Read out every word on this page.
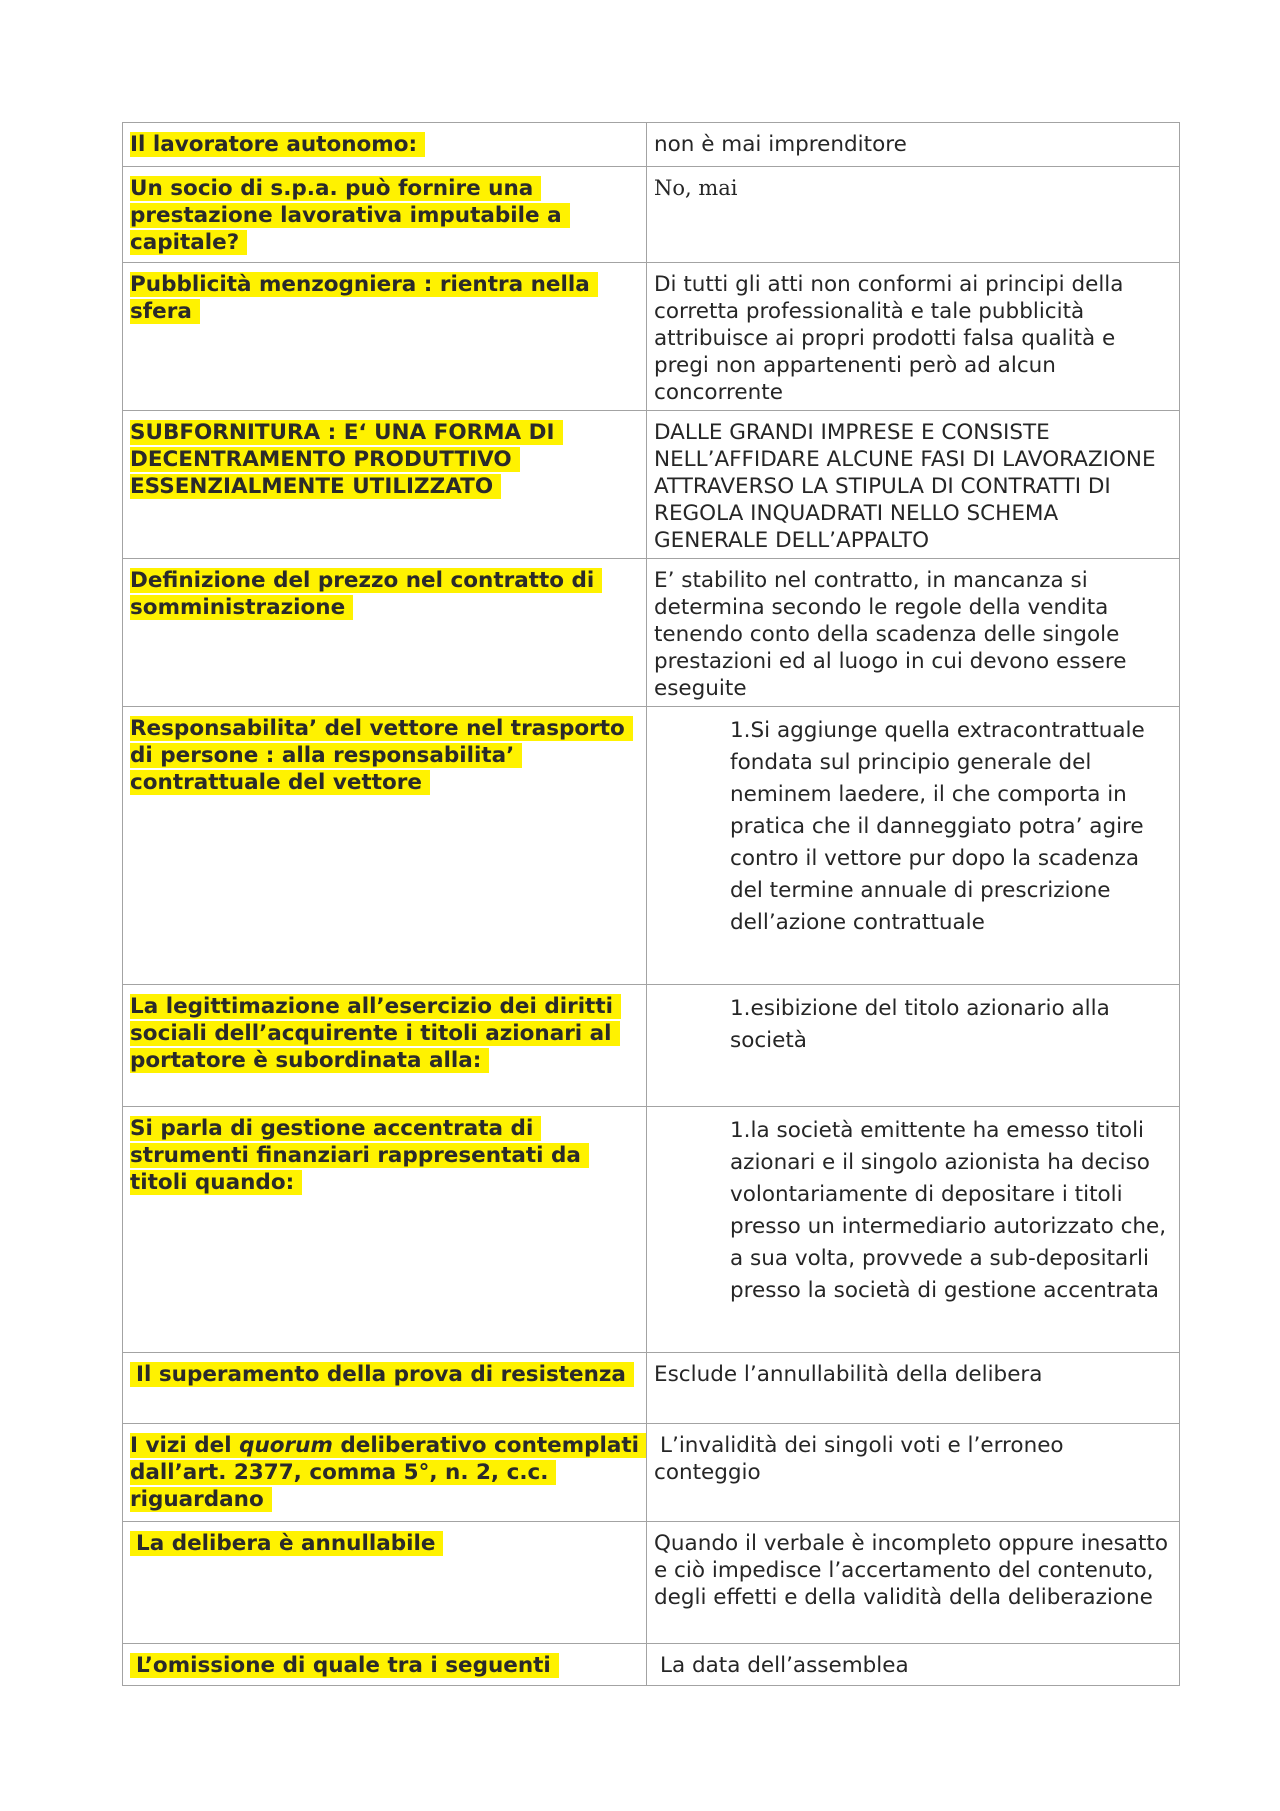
Il lavoratore autonomo:	non è mai imprenditore
Un socio di s.p.a. può fornire una prestazione lavorativa imputabile a capitale?	No, mai
Pubblicità menzogniera : rientra nella sfera	Di tutti gli atti non conformi ai principi della corretta professionalità e tale pubblicità attribuisce ai propri prodotti falsa qualità e pregi non appartenenti però ad alcun concorrente
SUBFORNITURA : E‘ UNA FORMA DI DECENTRAMENTO PRODUTTIVO ESSENZIALMENTE UTILIZZATO	DALLE GRANDI IMPRESE E CONSISTE NELL’AFFIDARE ALCUNE FASI DI LAVORAZIONE ATTRAVERSO LA STIPULA DI CONTRATTI DI REGOLA INQUADRATI NELLO SCHEMA GENERALE DELL’APPALTO
Definizione del prezzo nel contratto di somministrazione	E’ stabilito nel contratto, in mancanza si determina secondo le regole della vendita tenendo conto della scadenza delle singole prestazioni ed al luogo in cui devono essere eseguite
Responsabilita’ del vettore nel trasporto di persone : alla responsabilita’ contrattuale del vettore	1.Si aggiunge quella extracontrattuale fondata sul principio generale del neminem laedere, il che comporta in pratica che il danneggiato potra’ agire contro il vettore pur dopo la scadenza del termine annuale di prescrizione dell’azione contrattuale

La legittimazione all’esercizio dei diritti sociali dell’acquirente i titoli azionari al portatore è subordinata alla:	1.esibizione del titolo azionario alla società

Si parla di gestione accentrata di strumenti finanziari rappresentati da titoli quando:	1.la società emittente ha emesso titoli azionari e il singolo azionista ha deciso volontariamente di depositare i titoli presso un intermediario autorizzato che, a sua volta, provvede a sub-depositarli presso la società di gestione accentrata

Il superamento della prova di resistenza	Esclude l’annullabilità della delibera
I vizi del quorum deliberativo contemplati dall’art. 2377, comma 5°, n. 2, c.c. riguardano	L’invalidità dei singoli voti e l’erroneo conteggio
La delibera è annullabile	Quando il verbale è incompleto oppure inesatto e ciò impedisce l’accertamento del contenuto, degli effetti e della validità della deliberazione
L’omissione di quale tra i seguenti	La data dell’assemblea
